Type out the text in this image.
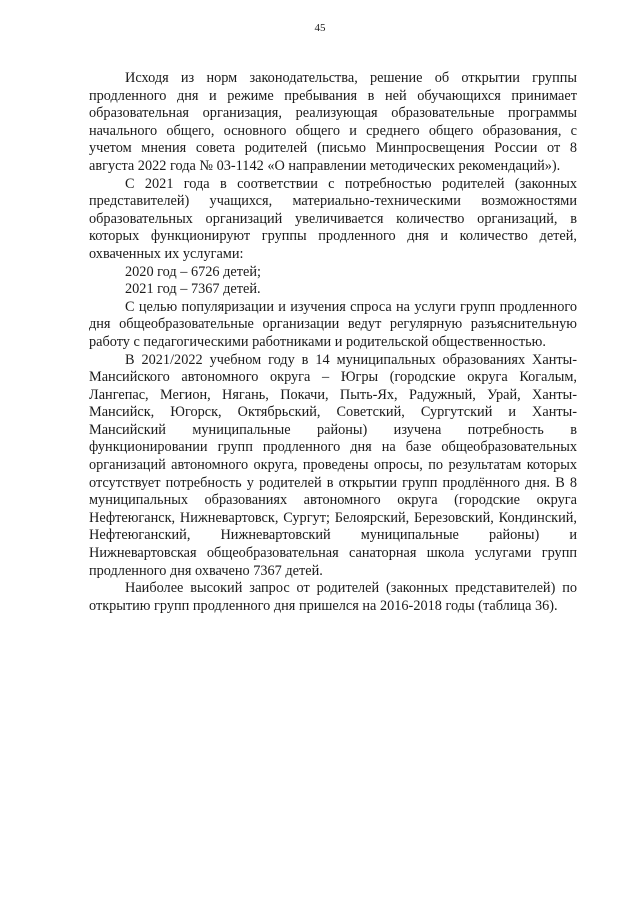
45

Исходя из норм законодательства, решение об открытии группы продленного дня и режиме пребывания в ней обучающихся принимает образовательная организация, реализующая образовательные программы начального общего, основного общего и среднего общего образования, с учетом мнения совета родителей (письмо Минпросвещения России от 8 августа 2022 года № 03-1142 «О направлении методических рекомендаций»).

С 2021 года в соответствии с потребностью родителей (законных представителей) учащихся, материально-техническими возможностями образовательных организаций увеличивается количество организаций, в которых функционируют группы продленного дня и количество детей, охваченных их услугами:

2020 год – 6726 детей;

2021 год – 7367 детей.

С целью популяризации и изучения спроса на услуги групп продленного дня общеобразовательные организации ведут регулярную разъяснительную работу с педагогическими работниками и родительской общественностью.

В 2021/2022 учебном году в 14 муниципальных образованиях Ханты-Мансийского автономного округа – Югры (городские округа Когалым, Лангепас, Мегион, Нягань, Покачи, Пыть-Ях, Радужный, Урай, Ханты-Мансийск, Югорск, Октябрьский, Советский, Сургутский и Ханты-Мансийский муниципальные районы) изучена потребность в функционировании групп продленного дня на базе общеобразовательных организаций автономного округа, проведены опросы, по результатам которых отсутствует потребность у родителей в открытии групп продлённого дня. В 8 муниципальных образованиях автономного округа (городские округа Нефтеюганск, Нижневартовск, Сургут; Белоярский, Березовский, Кондинский, Нефтеюганский, Нижневартовский муниципальные районы) и Нижневартовская общеобразовательная санаторная школа услугами групп продленного дня охвачено 7367 детей.

Наиболее высокий запрос от родителей (законных представителей) по открытию групп продленного дня пришелся на 2016-2018 годы (таблица 36).
